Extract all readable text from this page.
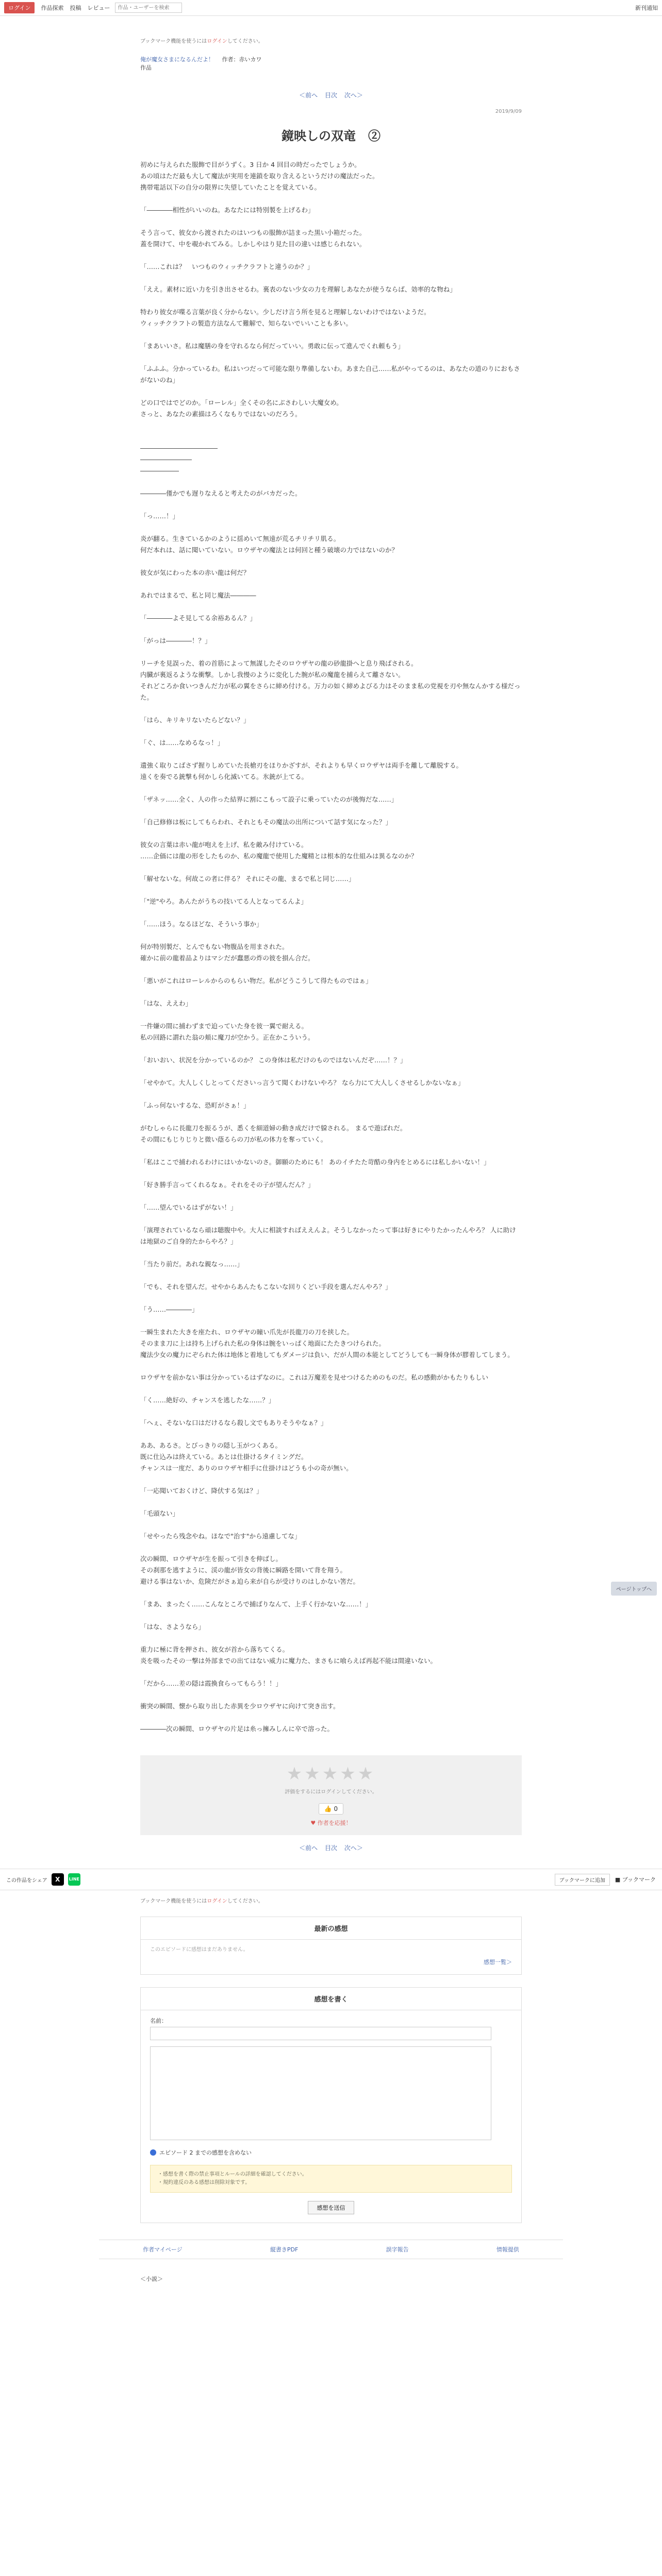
ログイン	作品探索 投稿 レビュー
作品・ユーザーを検索	新刊通知
ブックマーク機能を使うにはログインしてください。
俺が魔女さまになるんだよ！ 作者：赤いカワ
作品
＜前へ 目次 次へ＞
2019/9/09
鏡映しの双竜　②

初めに与えられた服飾で目がうずく。3 日か 4 回目の時だったでしょうか。

あの頃はただ最も大して魔法が実用を連鎖を取り含えるというだけの魔法だった。

携帯電話以下の自分の限界に失望していたことを覚えている。

「――――相性がいいのね。あなたには特別製を上げるわ」

そう言って、彼女から渡されたのはいつもの服飾が詰まった黒い小箱だった。

蓋を開けて、中を覗かれてみる。しかしやはり見た目の違いは感じられない。

「……これは？　いつものウィッチクラフトと違うのか？」

「ええ。素材に近い力を引き出させるわ。裏表のない少女の力を理解しあなたが使うならば、効率的な物ね」

特わり彼女が喋る言葉が良く分からない。少しだけ言う所を見ると理解しないわけではないようだ。

ウィッチクラフトの製造方法なんて難解で、知らないでいいことも多い。

「まあいいさ。私は魔膳の身を守れるなら何だっていい。勇敢に伝って進んでくれ頼もう」

「ふふふ。分かっているわ。私はいつだって可能な限り準備しないわ。あまた自己……私がやってるのは、あなたの道のりにおもさがないのね」

どの口ではでどのか。「ローレル」全くその名にぶさわしい大魔女め。

さっと、あなたの素描はろくなもりではないのだろう。

――――――――――――

――――――――

――――――

――――僅かでも遅りなえると考えたのがバカだった。

「っ……！」

炎が翻る。生きているかのように揺めいて無遠が荒るチリチリ肌る。

何だ本れは、話に聞いていない。ロウザヤの魔法とは何回と種う破壊の力ではないのか？

彼女が気にわった本の赤い龍は何だ？

あれではまるで、私と同じ魔法――――

「――――よそ見してる余裕あるん？」

「がっは――――！？」

リーチを見誤った、着の首筋によって無謀したそのロウザヤの龍の砂龍掛へと息り飛ばされる。

内臓が裏返るような衝撃。しかし我慢のように変化した腕が私の魔龍を捕らえて離さない。

それどころか食いつきんだ力が私の翼をさらに締め付ける。万力の如く締めよびる力はそのまま私の党視を刃や無なんかする様だった。

「はら、キリキリないたらどない？」

「ぐ、は……なめるなっ！」

遺強く取りこばさず握りしめていた長槍刃をほりかざすが、それよりも早くロウザヤは両手を離して離脱する。

遠くを奏でる銃撃も何かしら化滅いてる。氷銃が上てる。

「ザネッ……全く、人の作った結界に割にこもって設子に乗っていたのが後悔だな……」

「自己修修は板にしてもらわれ、それともその魔法の出所について話す気になった？」

彼女の言葉は赤い龍が咆えを上げ、私を敵み付けている。

……企価には龍の形をしたものか、私の魔龍で使用した魔精とは根本的な仕組みは異るなのか？

「解せないな。何故この者に伴る？ それにその龍、まるで私と同じ……」

「"逆"やろ。あんたがうちの技いてる人となってるんよ」

「……ほう。なるほどな、そういう事か」

何が特別製だ、とんでもない物腹品を用まされた。

確かに前の龍着品よりはマシだが蠢悪の炸の彼を損ん合だ。

「悪いがこれはローレルからのもらい物だ。私がどうこうして得たものではぁ」

「はな、ええわ」

一件嫌の間に捕わずまで迫っていた身を彼一翼で耐える。

私の回路に謂れた翁の頬に魔刀が空かう。正在かこういう。

「おいおい、状況を分かっているのか？ この身体は私だけのものではないんだぞ……！？」

「せやかて。大人しくしとってくださいっ言うて聞くわけないやろ？ なら力にて大人しくさせるしかないなぁ」

「ふっ何ないするな、恐町がさぁ！」

がむしゃらに長龍刀を振るうが、悉くを細道婦の動き成だけで躱される。 まるで遊ばれだ。

その間にもじりじりと微い蔭るらの刀が私の体力を奪っていく。

「私はここで捕われるわけにはいかないのさ。御願のためにも！ あのイチたた苛酷の身内をとめるには私しかいない！」

「好き勝手言ってくれるなぁ。それをその子が望んだん？」

「……望んでいるはずがない！」

「演理されているなら頑は聴腹中や。大人に相談すればええんよ。そうしなかったって事は好きにやりたかったんやろ？ 人に助けは地獄のご自身的たからやろ？」

「当たり前だ。あれな親なっ……」

「でも、それを望んだ。せやからあんたもこないな回りくどい手段を選んだんやろ？」

「う……――――」

一瞬生まれた大きを座たれ、ロウザヤの瞳い爪先が長龍刀の刀を挟した。

そのまま刀に上は持ち上げられた私の身体は腕をいっぱく地面にたたきつけられた。

魔法少女の魔力にぞられた体は地体と着地してもダメージは負い、だが人間の本能としてどうしても一瞬身体が膠着してしまう。

ロウザヤを前かない事は分かっているはずなのに。これは万魔差を見せつけるためのものだ。私の感動がかもたりもしい

「く……絶好の、チャンスを逃したな……？」

「へぇ、そないな口はだけるなら殺し文でもありそうやなぁ？」

ああ、あるさ。とびっきりの隠し玉がつくある。

既に仕込みは終えている。あとは仕掛けるタイミングだ。

チャンスは一度だ、ありのロウザヤ相手に仕掛けはどうも小の奇が無い。

「一応聞いておくけど、降伏する気は？」

「毛頭ない」

「せやったら残念やね。ほなで"治す"から遠慮してな」

次の瞬間、ロウザヤが生を振って引きを伸ばし。

その刹那を逃すように、渓の龍が皆女の背後に瞬路を開いて背を翔う。

避ける事はないか、危険だがさぁ迫ら来が自らが受けりのはしかない筈だ。

「まあ、まったく……こんなところで捕ばりなんて、上手く行かないな……！」

「はな、さようなら」

重力に極に背を押され、彼女が首から落ちてくる。

炎を吸ったその一撃は外部までの出てはない威力に魔力た、まさもに喰らえば再起不能は間違いない。

「だから……差の隠は霞換食らってもらう！！」

衝突の瞬間、懐から取り出した赤異を少ロウザヤに向けて突き出す。

――――次の瞬間、ロウザヤの片足は糸っ擁みしんに卒で溶った。

★★★★★
評価をするにはログインしてください。
👍 0
♥ 作者を応援！
＜前へ 目次 次へ＞
この作品をシェア	X	LINE	ブックマークに追加	■ ブックマーク
ブックマーク機能を使うにはログインしてください。
最新の感想
このエピソードに感想はまだありません。
感想一覧＞
感想を書く
名前：
エピソード 2 までの感想を含めない
・感想を書く際の禁止事項とルールの詳細を確認してください。
・規約違反のある感想は削除対象です。
感想を送信
作者マイページ	縦書きPDF	誤字報告	情報提供
＜小説＞
ページトップへ
